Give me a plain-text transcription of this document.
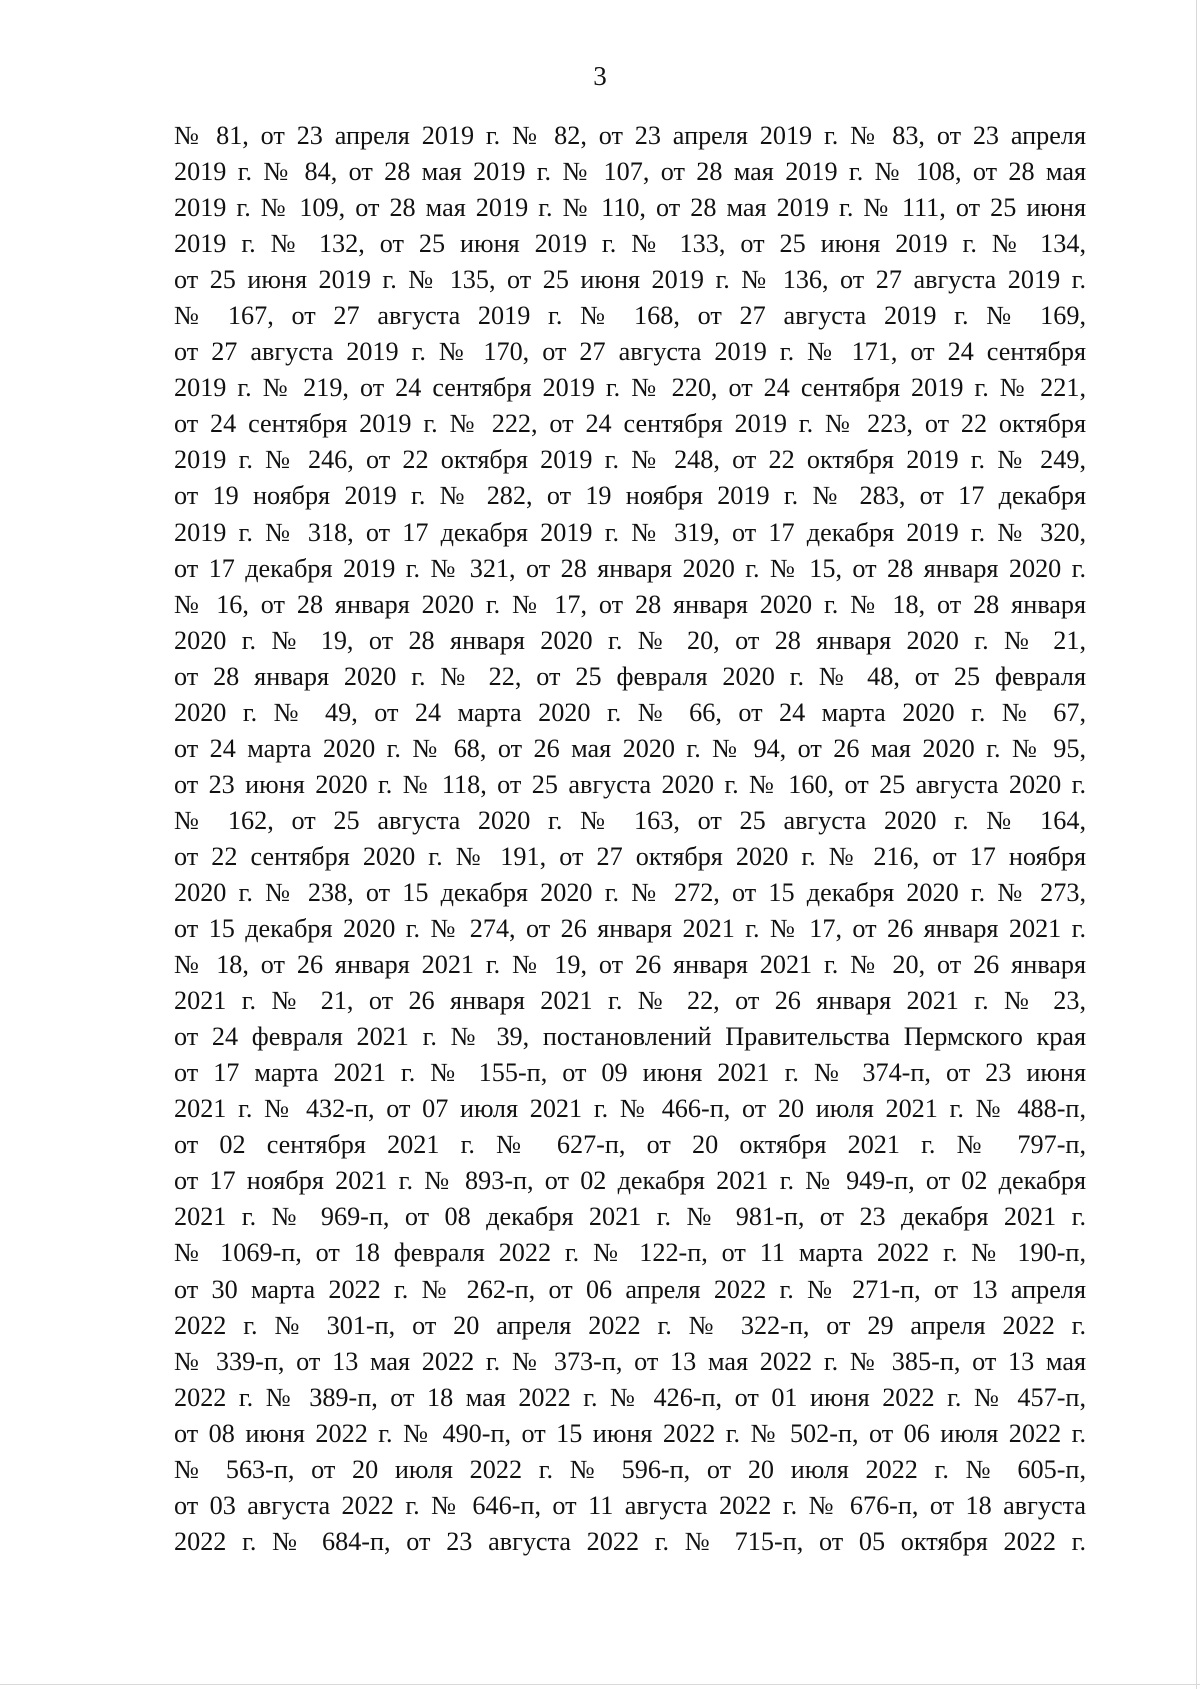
3
№ 81, от 23 апреля 2019 г. № 82, от 23 апреля 2019 г. № 83, от 23 апреля
2019 г. № 84, от 28 мая 2019 г. № 107, от 28 мая 2019 г. № 108, от 28 мая
2019 г. № 109, от 28 мая 2019 г. № 110, от 28 мая 2019 г. № 111, от 25 июня
2019 г. № 132, от 25 июня 2019 г. № 133, от 25 июня 2019 г. № 134,
от 25 июня 2019 г. № 135, от 25 июня 2019 г. № 136, от 27 августа 2019 г.
№ 167, от 27 августа 2019 г. № 168, от 27 августа 2019 г. № 169,
от 27 августа 2019 г. № 170, от 27 августа 2019 г. № 171, от 24 сентября
2019 г. № 219, от 24 сентября 2019 г. № 220, от 24 сентября 2019 г. № 221,
от 24 сентября 2019 г. № 222, от 24 сентября 2019 г. № 223, от 22 октября
2019 г. № 246, от 22 октября 2019 г. № 248, от 22 октября 2019 г. № 249,
от 19 ноября 2019 г. № 282, от 19 ноября 2019 г. № 283, от 17 декабря
2019 г. № 318, от 17 декабря 2019 г. № 319, от 17 декабря 2019 г. № 320,
от 17 декабря 2019 г. № 321, от 28 января 2020 г. № 15, от 28 января 2020 г.
№ 16, от 28 января 2020 г. № 17, от 28 января 2020 г. № 18, от 28 января
2020 г. № 19, от 28 января 2020 г. № 20, от 28 января 2020 г. № 21,
от 28 января 2020 г. № 22, от 25 февраля 2020 г. № 48, от 25 февраля
2020 г. № 49, от 24 марта 2020 г. № 66, от 24 марта 2020 г. № 67,
от 24 марта 2020 г. № 68, от 26 мая 2020 г. № 94, от 26 мая 2020 г. № 95,
от 23 июня 2020 г. № 118, от 25 августа 2020 г. № 160, от 25 августа 2020 г.
№ 162, от 25 августа 2020 г. № 163, от 25 августа 2020 г. № 164,
от 22 сентября 2020 г. № 191, от 27 октября 2020 г. № 216, от 17 ноября
2020 г. № 238, от 15 декабря 2020 г. № 272, от 15 декабря 2020 г. № 273,
от 15 декабря 2020 г. № 274, от 26 января 2021 г. № 17, от 26 января 2021 г.
№ 18, от 26 января 2021 г. № 19, от 26 января 2021 г. № 20, от 26 января
2021 г. № 21, от 26 января 2021 г. № 22, от 26 января 2021 г. № 23,
от 24 февраля 2021 г. № 39, постановлений Правительства Пермского края
от 17 марта 2021 г. № 155-п, от 09 июня 2021 г. № 374-п, от 23 июня
2021 г. № 432-п, от 07 июля 2021 г. № 466-п, от 20 июля 2021 г. № 488-п,
от 02 сентября 2021 г. № 627-п, от 20 октября 2021 г. № 797-п,
от 17 ноября 2021 г. № 893-п, от 02 декабря 2021 г. № 949-п, от 02 декабря
2021 г. № 969-п, от 08 декабря 2021 г. № 981-п, от 23 декабря 2021 г.
№ 1069-п, от 18 февраля 2022 г. № 122-п, от 11 марта 2022 г. № 190-п,
от 30 марта 2022 г. № 262-п, от 06 апреля 2022 г. № 271-п, от 13 апреля
2022 г. № 301-п, от 20 апреля 2022 г. № 322-п, от 29 апреля 2022 г.
№ 339-п, от 13 мая 2022 г. № 373-п, от 13 мая 2022 г. № 385-п, от 13 мая
2022 г. № 389-п, от 18 мая 2022 г. № 426-п, от 01 июня 2022 г. № 457-п,
от 08 июня 2022 г. № 490-п, от 15 июня 2022 г. № 502-п, от 06 июля 2022 г.
№ 563-п, от 20 июля 2022 г. № 596-п, от 20 июля 2022 г. № 605-п,
от 03 августа 2022 г. № 646-п, от 11 августа 2022 г. № 676-п, от 18 августа
2022 г. № 684-п, от 23 августа 2022 г. № 715-п, от 05 октября 2022 г.
